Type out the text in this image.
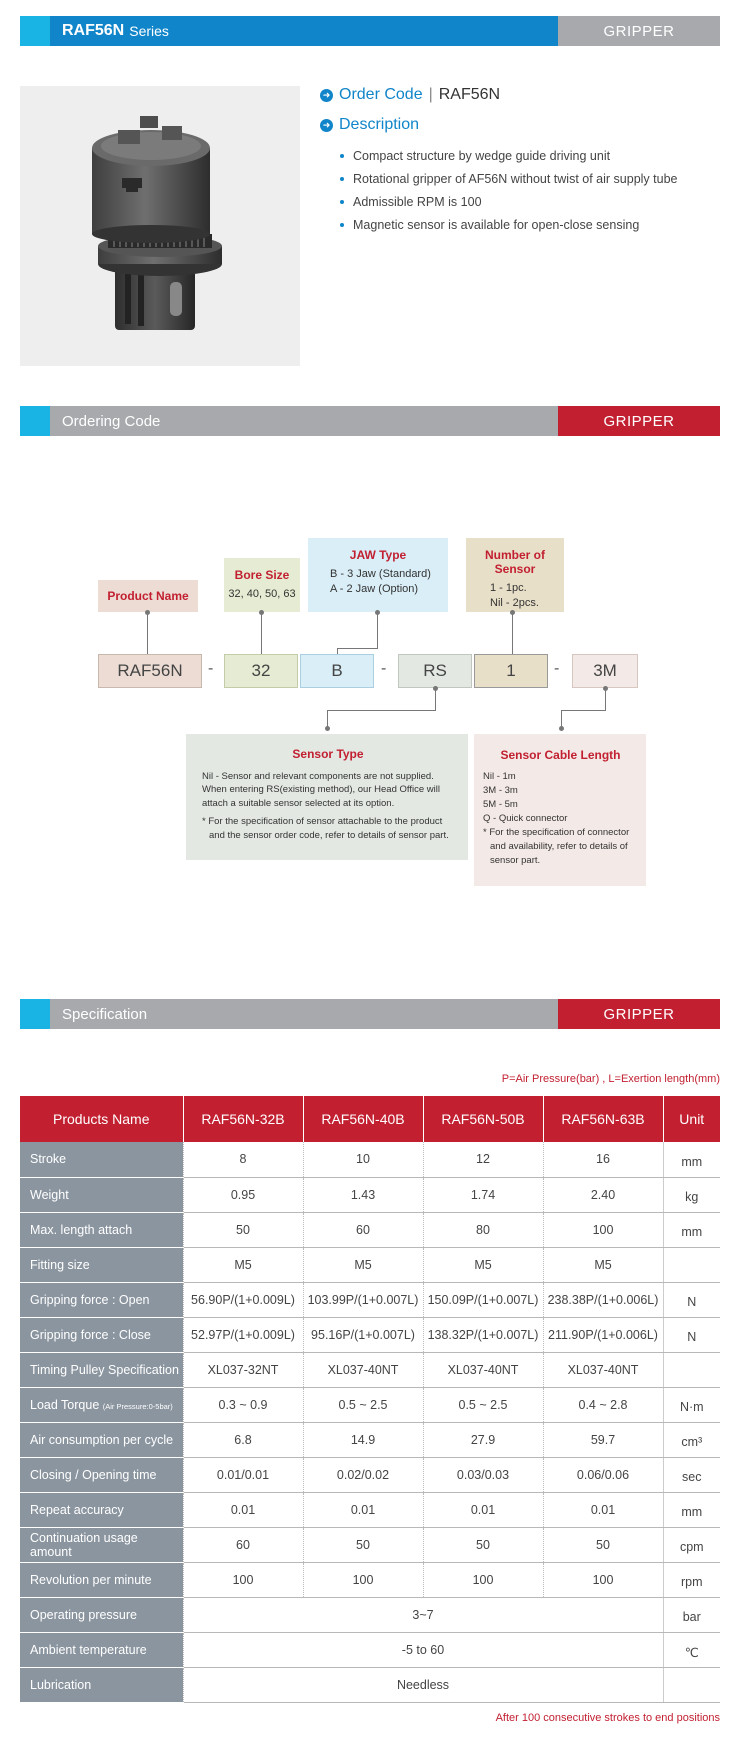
RAF56N Series	GRIPPER
➜ Order Code | RAF56N
➜ Description
Compact structure by wedge guide driving unit
Rotational gripper of AF56N without twist of air supply tube
Admissible RPM is 100
Magnetic sensor is available for open-close sensing
Ordering Code	GRIPPER
Product Name
Bore Size
32, 40, 50, 63
JAW Type
B - 3 Jaw (Standard)
A - 2 Jaw (Option)
Number of Sensor
1 - 1pc.
Nil - 2pcs.
RAF56N	-	32	B	-	RS	1	-	3M
Sensor Type
Nil - Sensor and relevant components are not supplied.
When entering RS(existing method), our Head Office will
attach a suitable sensor selected at its option.
* For the specification of sensor attachable to the product
and the sensor order code, refer to details of sensor part.
Sensor Cable Length
Nil - 1m
3M - 3m
5M - 5m
Q - Quick connector
* For the specification of connector
and availability, refer to details of
sensor part.
Specification	GRIPPER
P=Air Pressure(bar) , L=Exertion length(mm)
Products Name	RAF56N-32B	RAF56N-40B	RAF56N-50B	RAF56N-63B	Unit
Stroke	8	10	12	16	mm
Weight	0.95	1.43	1.74	2.40	kg
Max. length attach	50	60	80	100	mm
Fitting size	M5	M5	M5	M5	
Gripping force : Open	56.90P/(1+0.009L)	103.99P/(1+0.007L)	150.09P/(1+0.007L)	238.38P/(1+0.006L)	N
Gripping force : Close	52.97P/(1+0.009L)	95.16P/(1+0.007L)	138.32P/(1+0.007L)	211.90P/(1+0.006L)	N
Timing Pulley Specification	XL037-32NT	XL037-40NT	XL037-40NT	XL037-40NT	
Load Torque (Air Pressure:0-5bar)	0.3 ~ 0.9	0.5 ~ 2.5	0.5 ~ 2.5	0.4 ~ 2.8	N·m
Air consumption per cycle	6.8	14.9	27.9	59.7	cm³
Closing / Opening time	0.01/0.01	0.02/0.02	0.03/0.03	0.06/0.06	sec
Repeat accuracy	0.01	0.01	0.01	0.01	mm
Continuation usage amount	60	50	50	50	cpm
Revolution per minute	100	100	100	100	rpm
Operating pressure	3~7				bar
Ambient temperature	-5 to 60				℃
Lubrication	Needless				
After 100 consecutive strokes to end positions
